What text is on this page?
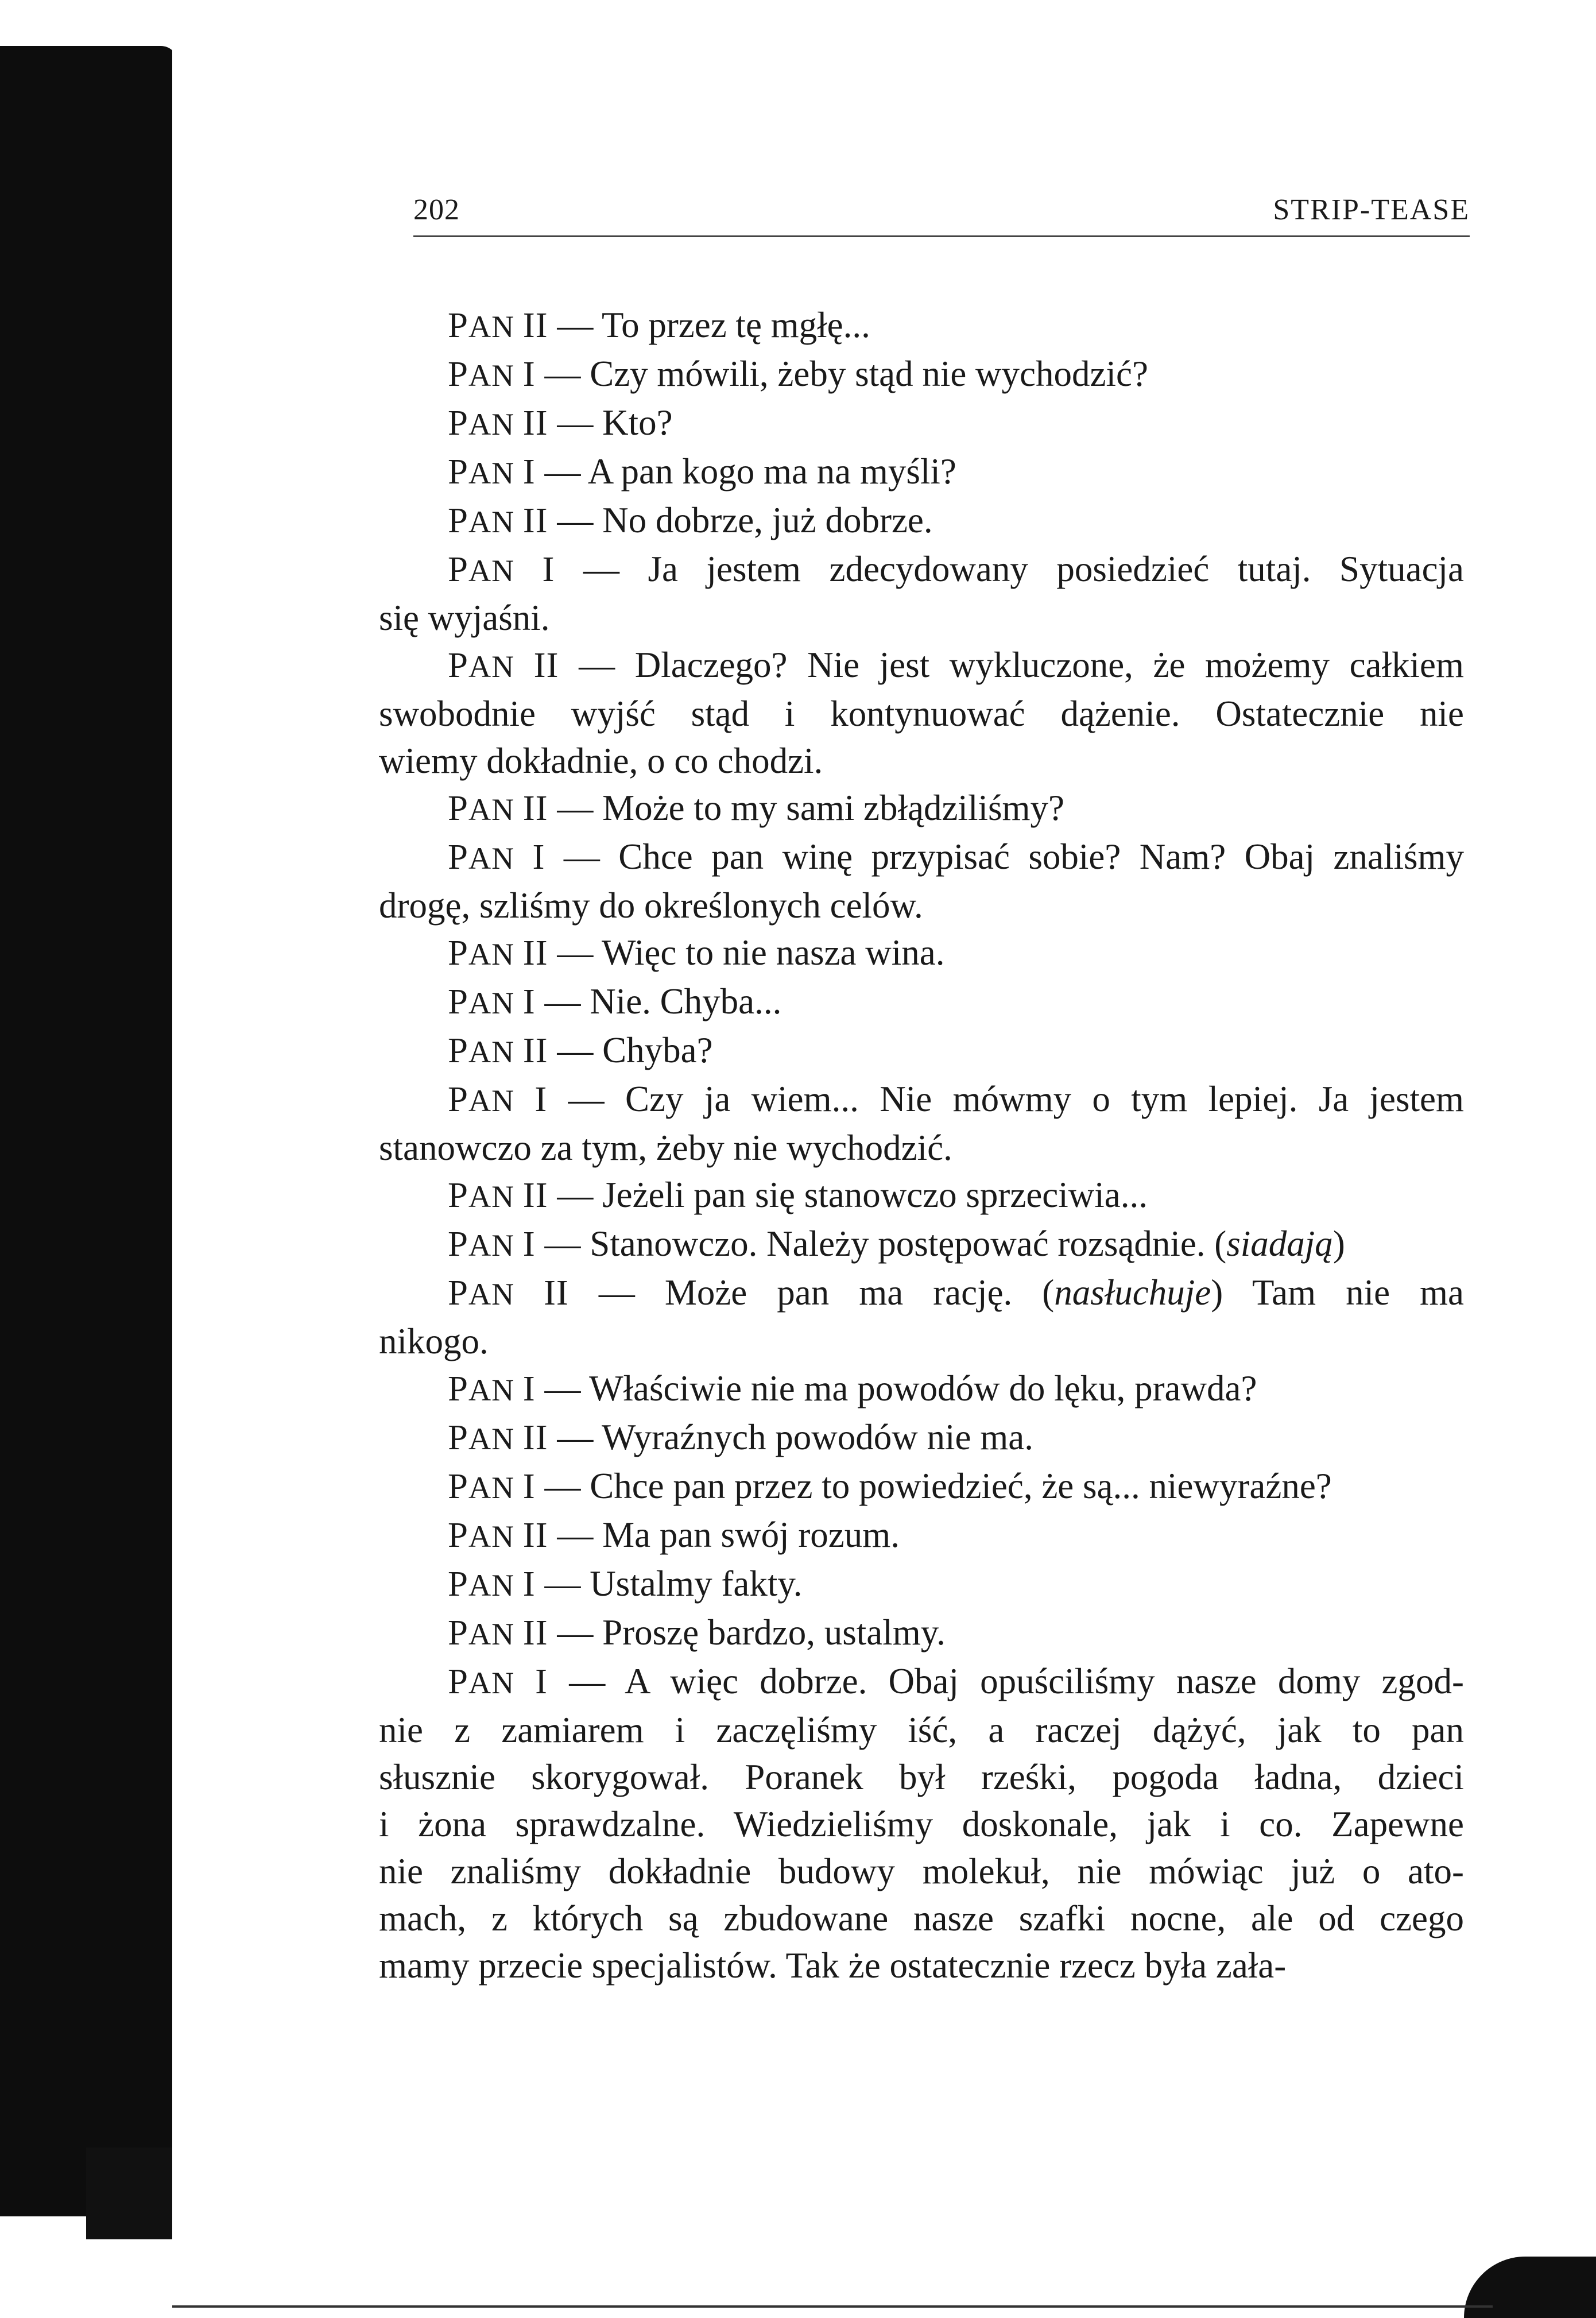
202	STRIP-TEASE
PAN II — To przez tę mgłę...
PAN I — Czy mówili, żeby stąd nie wychodzić?
PAN II — Kto?
PAN I — A pan kogo ma na myśli?
PAN II — No dobrze, już dobrze.
PAN I — Ja jestem zdecydowany posiedzieć tutaj. Sytuacja
się wyjaśni.
PAN II — Dlaczego? Nie jest wykluczone, że możemy całkiem
swobodnie wyjść stąd i kontynuować dążenie. Ostatecznie nie
wiemy dokładnie, o co chodzi.
PAN II — Może to my sami zbłądziliśmy?
PAN I — Chce pan winę przypisać sobie? Nam? Obaj znaliśmy
drogę, szliśmy do określonych celów.
PAN II — Więc to nie nasza wina.
PAN I — Nie. Chyba...
PAN II — Chyba?
PAN I — Czy ja wiem... Nie mówmy o tym lepiej. Ja jestem
stanowczo za tym, żeby nie wychodzić.
PAN II — Jeżeli pan się stanowczo sprzeciwia...
PAN I — Stanowczo. Należy postępować rozsądnie. (siadają)
PAN II — Może pan ma rację. (nasłuchuje) Tam nie ma
nikogo.
PAN I — Właściwie nie ma powodów do lęku, prawda?
PAN II — Wyraźnych powodów nie ma.
PAN I — Chce pan przez to powiedzieć, że są... niewyraźne?
PAN II — Ma pan swój rozum.
PAN I — Ustalmy fakty.
PAN II — Proszę bardzo, ustalmy.
PAN I — A więc dobrze. Obaj opuściliśmy nasze domy zgod-
nie z zamiarem i zaczęliśmy iść, a raczej dążyć, jak to pan
słusznie skorygował. Poranek był rześki, pogoda ładna, dzieci
i żona sprawdzalne. Wiedzieliśmy doskonale, jak i co. Zapewne
nie znaliśmy dokładnie budowy molekuł, nie mówiąc już o ato-
mach, z których są zbudowane nasze szafki nocne, ale od czego
mamy przecie specjalistów. Tak że ostatecznie rzecz była zała-
